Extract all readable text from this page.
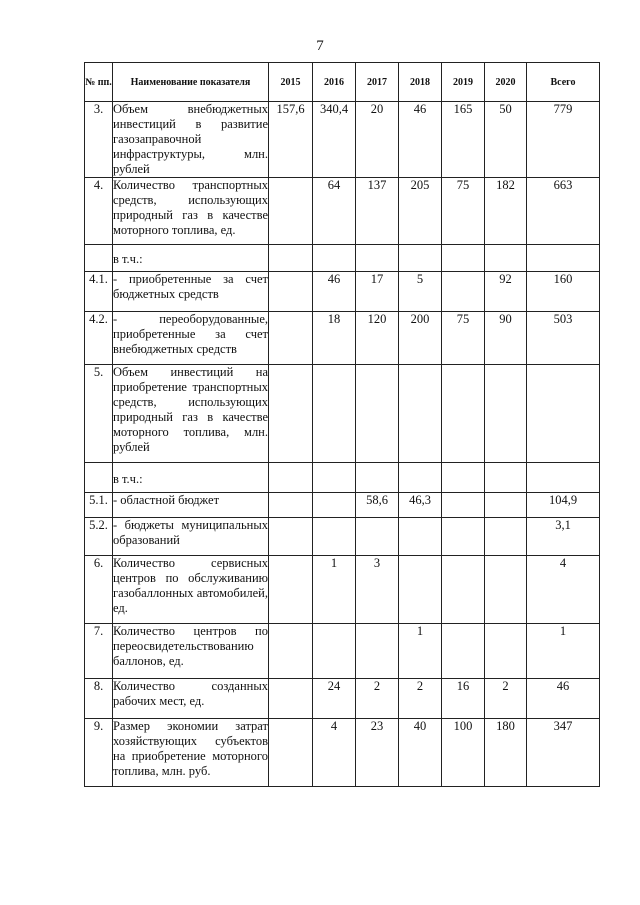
7
№ пп.	Наименование показателя	2015	2016	2017	2018	2019	2020	Всего
3.	Объем внебюджетных инвестиций в развитие газозаправочной инфраструктуры, млн. рублей	157,6	340,4	20	46	165	50	779
4.	Количество транспортных средств, использующих природный газ в качестве моторного топлива, ед.		64	137	205	75	182	663
	в т.ч.:							
4.1.	- приобретенные за счет бюджетных средств		46	17	5		92	160
4.2.	- переоборудованные, приобретенные за счет внебюджетных средств		18	120	200	75	90	503
5.	Объем инвестиций на приобретение транспортных средств, использующих природный газ в качестве моторного топлива, млн. рублей							
	в т.ч.:							
5.1.	- областной бюджет			58,6	46,3			104,9
5.2.	- бюджеты муниципальных образований							3,1
6.	Количество сервисных центров по обслуживанию газобаллонных автомобилей, ед.		1	3				4
7.	Количество центров по переосвидетельствованию баллонов, ед.				1			1
8.	Количество созданных рабочих мест, ед.		24	2	2	16	2	46
9.	Размер экономии затрат хозяйствующих субъектов на приобретение моторного топлива, млн. руб.		4	23	40	100	180	347
